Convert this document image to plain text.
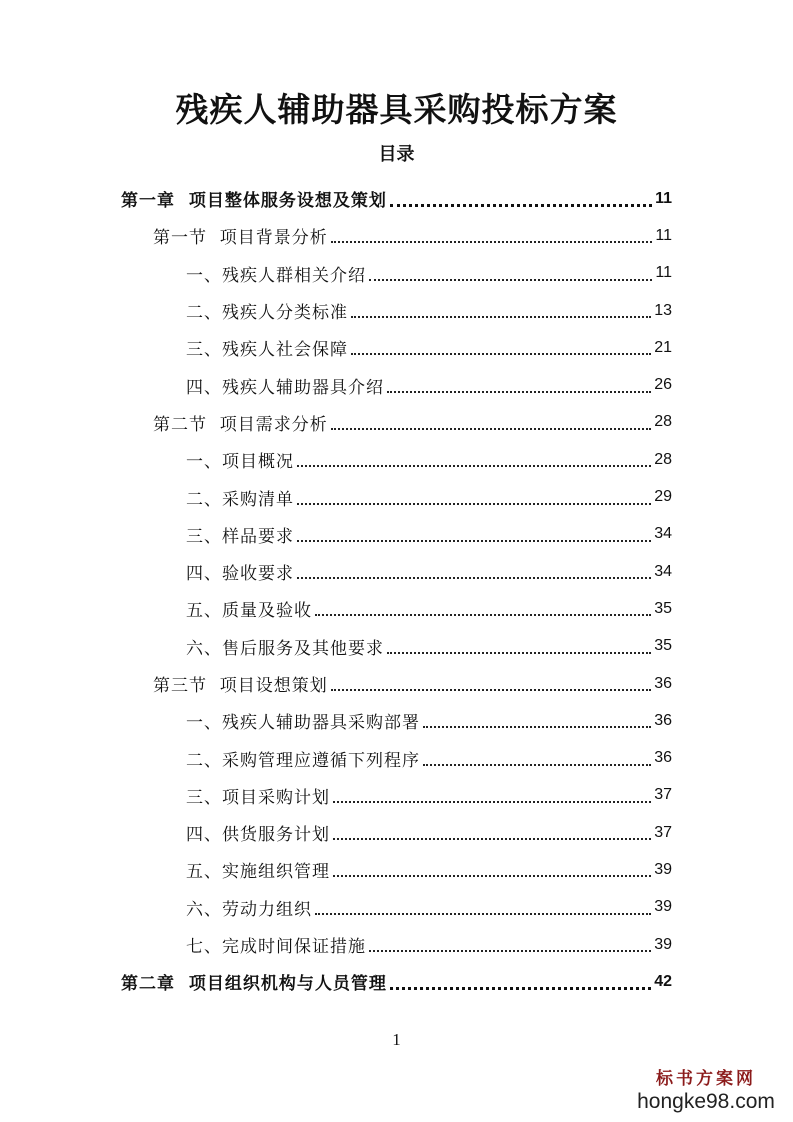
残疾人辅助器具采购投标方案
目录
第一章  项目整体服务设想及策划	11
第一节  项目背景分析	11
一、残疾人群相关介绍	11
二、残疾人分类标准	13
三、残疾人社会保障	21
四、残疾人辅助器具介绍	26
第二节  项目需求分析	28
一、项目概况	28
二、采购清单	29
三、样品要求	34
四、验收要求	34
五、质量及验收	35
六、售后服务及其他要求	35
第三节  项目设想策划	36
一、残疾人辅助器具采购部署	36
二、采购管理应遵循下列程序	36
三、项目采购计划	37
四、供货服务计划	37
五、实施组织管理	39
六、劳动力组织	39
七、完成时间保证措施	39
第二章  项目组织机构与人员管理	42
1
标书方案网
hongke98.com
